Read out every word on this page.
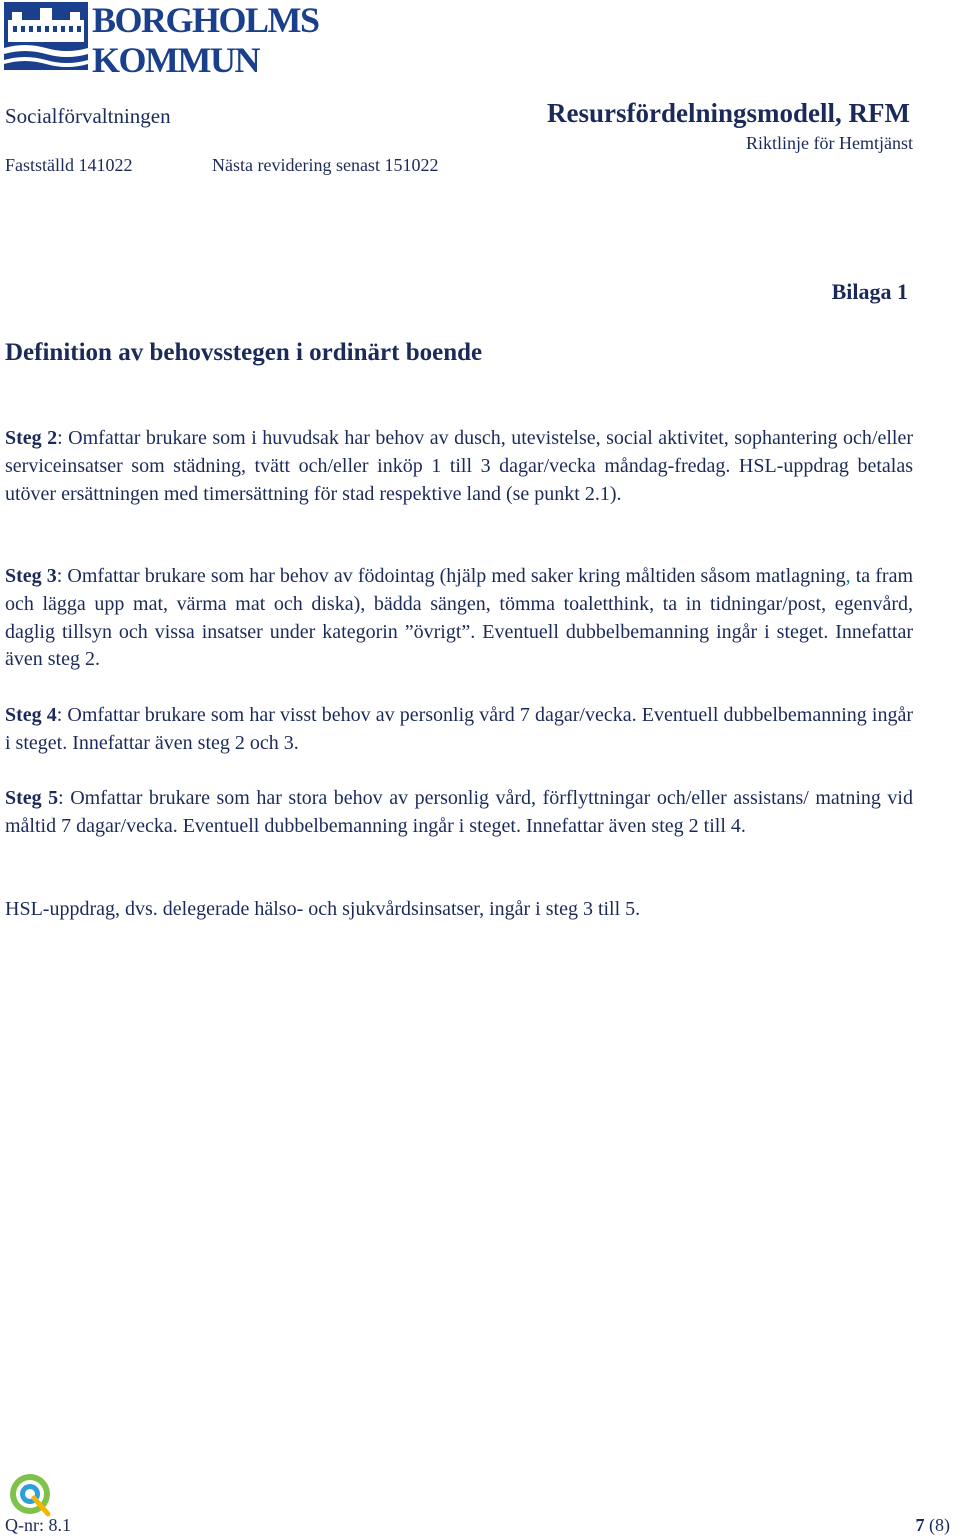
BORGHOLMS
KOMMUN
Socialförvaltningen	Resursfördelningsmodell, RFM
Riktlinje för Hemtjänst
Fastställd 141022	Nästa revidering senast 151022
Bilaga 1
Definition av behovsstegen i ordinärt boende
Steg 2: Omfattar brukare som i huvudsak har behov av dusch, utevistelse, social aktivitet, sophantering och/eller serviceinsatser som städning, tvätt och/eller inköp 1 till 3 dagar/vecka måndag-fredag. HSL-uppdrag betalas utöver ersättningen med timersättning för stad respektive land (se punkt 2.1).
Steg 3: Omfattar brukare som har behov av födointag (hjälp med saker kring måltiden såsom matlagning, ta fram och lägga upp mat, värma mat och diska), bädda sängen, tömma toaletthink, ta in tidningar/post, egenvård, daglig tillsyn och vissa insatser under kategorin ”övrigt”. Eventuell dubbelbemanning ingår i steget. Innefattar även steg 2.
Steg 4: Omfattar brukare som har visst behov av personlig vård 7 dagar/vecka. Eventuell dubbelbemanning ingår i steget. Innefattar även steg 2 och 3.
Steg 5: Omfattar brukare som har stora behov av personlig vård, förflyttningar och/eller assistans/ matning vid måltid 7 dagar/vecka. Eventuell dubbelbemanning ingår i steget. Innefattar även steg 2 till 4.
HSL-uppdrag, dvs. delegerade hälso- och sjukvårdsinsatser, ingår i steg 3 till 5.
Q-nr: 8.1	7 (8)
